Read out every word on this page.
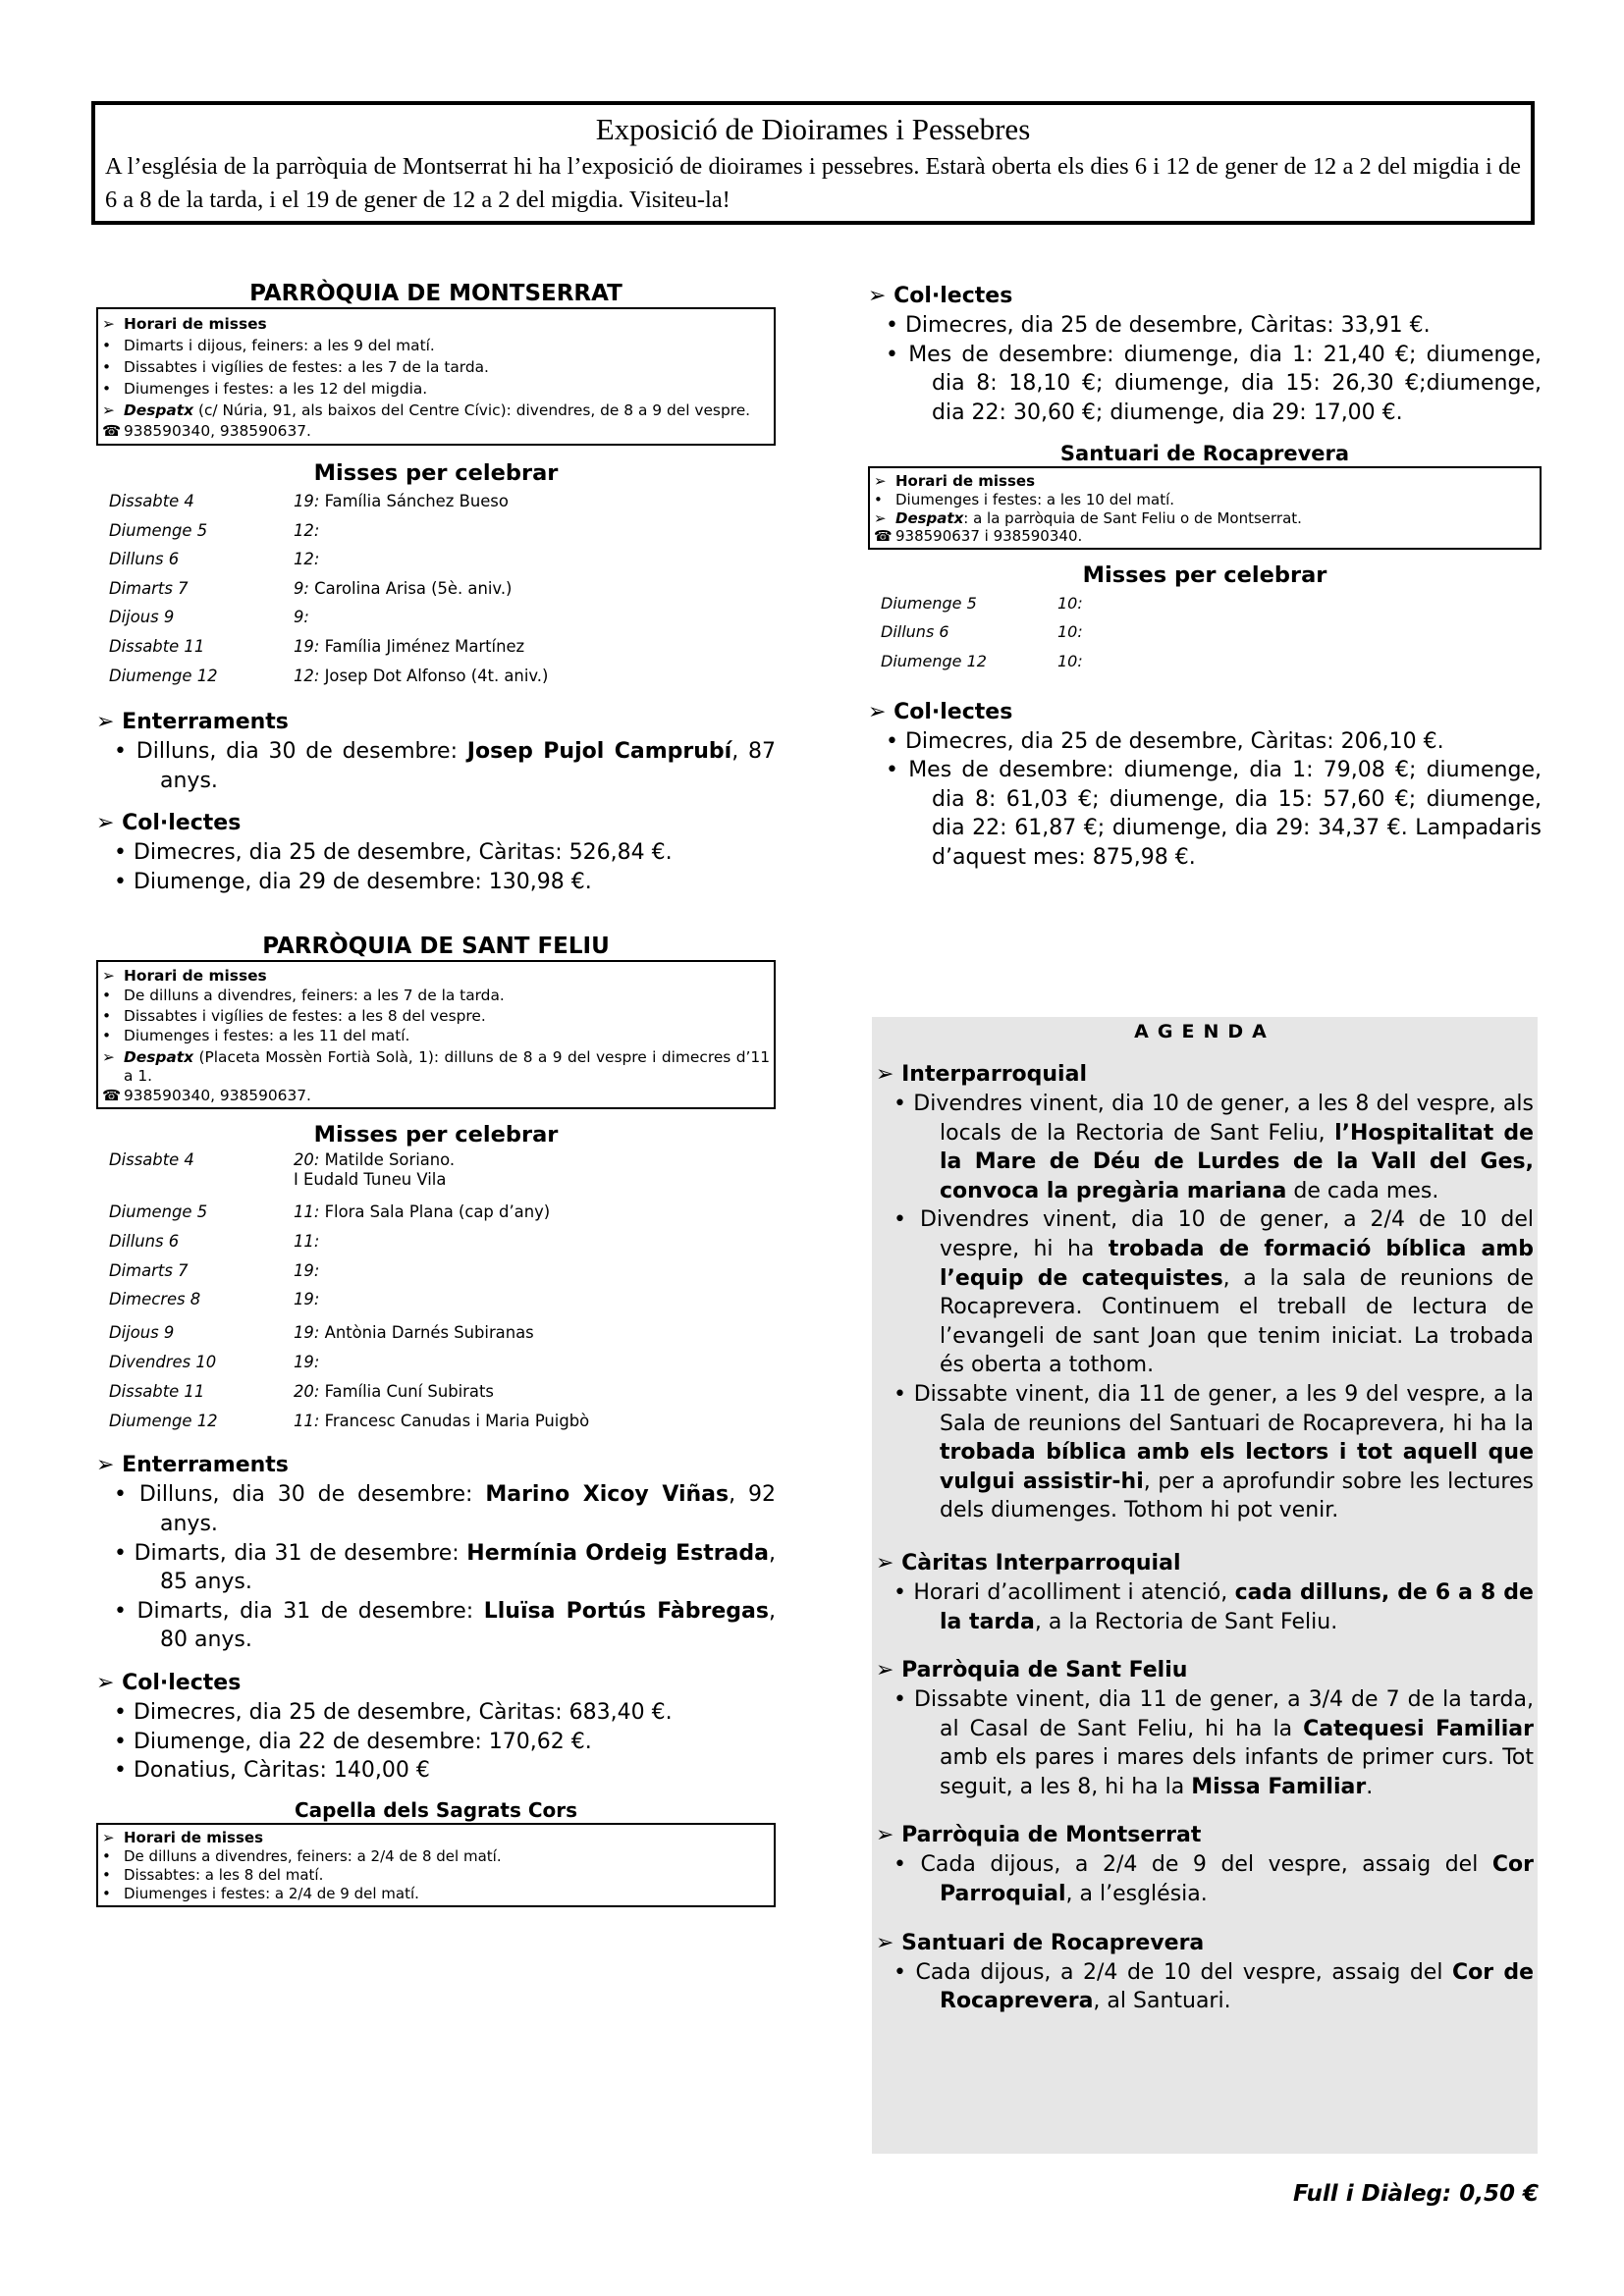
Exposició de Dioirames i Pessebres

A l’església de la parròquia de Montserrat hi ha l’exposició de dioirames i pessebres. Estarà oberta els dies 6 i 12 de gener de 12 a 2 del migdia i de 6 a 8 de la tarda, i el 19 de gener de 12 a 2 del migdia. Visiteu-la!

PARRÒQUIA DE MONTSERRAT
➢ Horari de misses
• Dimarts i dijous, feiners: a les 9 del matí.
• Dissabtes i vigílies de festes: a les 7 de la tarda.
• Diumenges i festes: a les 12 del migdia.
➢ Despatx (c/ Núria, 91, als baixos del Centre Cívic): divendres, de 8 a 9 del vespre.
☎ 938590340, 938590637.
Misses per celebrar
Dissabte 4	19: Família Sánchez Bueso
Diumenge 5	12:
Dilluns 6	12:
Dimarts 7	9: Carolina Arisa (5è. aniv.)
Dijous 9	9:
Dissabte 11	19: Família Jiménez Martínez
Diumenge 12	12: Josep Dot Alfonso (4t. aniv.)
➢ Enterraments
• Dilluns, dia 30 de desembre: Josep Pujol Camprubí, 87 anys.
➢ Col·lectes
• Dimecres, dia 25 de desembre, Càritas: 526,84 €.
• Diumenge, dia 29 de desembre: 130,98 €.
PARRÒQUIA DE SANT FELIU
➢ Horari de misses
• De dilluns a divendres, feiners: a les 7 de la tarda.
• Dissabtes i vigílies de festes: a les 8 del vespre.
• Diumenges i festes: a les 11 del matí.
➢ Despatx (Placeta Mossèn Fortià Solà, 1): dilluns de 8 a 9 del vespre i dimecres d’11 a 1.
☎ 938590340, 938590637.
Misses per celebrar
Dissabte 4	20: Matilde Soriano.
I Eudald Tuneu Vila
Diumenge 5	11: Flora Sala Plana (cap d’any)
Dilluns 6	11:
Dimarts 7	19:
Dimecres 8	19:
Dijous 9	19: Antònia Darnés Subiranas
Divendres 10	19:
Dissabte 11	20: Família Cuní Subirats
Diumenge 12	11: Francesc Canudas i Maria Puigbò
➢ Enterraments
• Dilluns, dia 30 de desembre: Marino Xicoy Viñas, 92 anys.
• Dimarts, dia 31 de desembre: Hermínia Ordeig Estrada, 85 anys.
• Dimarts, dia 31 de desembre: Lluïsa Portús Fàbregas, 80 anys.
➢ Col·lectes
• Dimecres, dia 25 de desembre, Càritas: 683,40 €.
• Diumenge, dia 22 de desembre: 170,62 €.
• Donatius, Càritas: 140,00 €
Capella dels Sagrats Cors
➢ Horari de misses
• De dilluns a divendres, feiners: a 2/4 de 8 del matí.
• Dissabtes: a les 8 del matí.
• Diumenges i festes: a 2/4 de 9 del matí.
➢ Col·lectes
• Dimecres, dia 25 de desembre, Càritas: 33,91 €.
• Mes de desembre: diumenge, dia 1: 21,40 €; diumenge, dia 8: 18,10 €; diumenge, dia 15: 26,30 €;diumenge, dia 22: 30,60 €; diumenge, dia 29: 17,00 €.
Santuari de Rocaprevera
➢ Horari de misses
• Diumenges i festes: a les 10 del matí.
➢ Despatx: a la parròquia de Sant Feliu o de Montserrat.
☎ 938590637 i 938590340.
Misses per celebrar
Diumenge 5	10:
Dilluns 6	10:
Diumenge 12	10:
➢ Col·lectes
• Dimecres, dia 25 de desembre, Càritas: 206,10 €.
• Mes de desembre: diumenge, dia 1: 79,08 €; diumenge, dia 8: 61,03 €; diumenge, dia 15: 57,60 €; diumenge, dia 22: 61,87 €; diumenge, dia 29: 34,37 €. Lampadaris d’aquest mes: 875,98 €.
AGENDA
➢ Interparroquial
• Divendres vinent, dia 10 de gener, a les 8 del vespre, als locals de la Rectoria de Sant Feliu, l’Hospitalitat de la Mare de Déu de Lurdes de la Vall del Ges, convoca la pregària mariana de cada mes.
• Divendres vinent, dia 10 de gener, a 2/4 de 10 del vespre, hi ha trobada de formació bíblica amb l’equip de catequistes, a la sala de reunions de Rocaprevera. Continuem el treball de lectura de l’evangeli de sant Joan que tenim iniciat. La trobada és oberta a tothom.
• Dissabte vinent, dia 11 de gener, a les 9 del vespre, a la Sala de reunions del Santuari de Rocaprevera, hi ha la trobada bíblica amb els lectors i tot aquell que vulgui assistir-hi, per a aprofundir sobre les lectures dels diumenges. Tothom hi pot venir.
➢ Càritas Interparroquial
• Horari d’acolliment i atenció, cada dilluns, de 6 a 8 de la tarda, a la Rectoria de Sant Feliu.
➢ Parròquia de Sant Feliu
• Dissabte vinent, dia 11 de gener, a 3/4 de 7 de la tarda, al Casal de Sant Feliu, hi ha la Catequesi Familiar amb els pares i mares dels infants de primer curs. Tot seguit, a les 8, hi ha la Missa Familiar.
➢ Parròquia de Montserrat
• Cada dijous, a 2/4 de 9 del vespre, assaig del Cor Parroquial, a l’església.
➢ Santuari de Rocaprevera
• Cada dijous, a 2/4 de 10 del vespre, assaig del Cor de Rocaprevera, al Santuari.
Full i Diàleg: 0,50 €
